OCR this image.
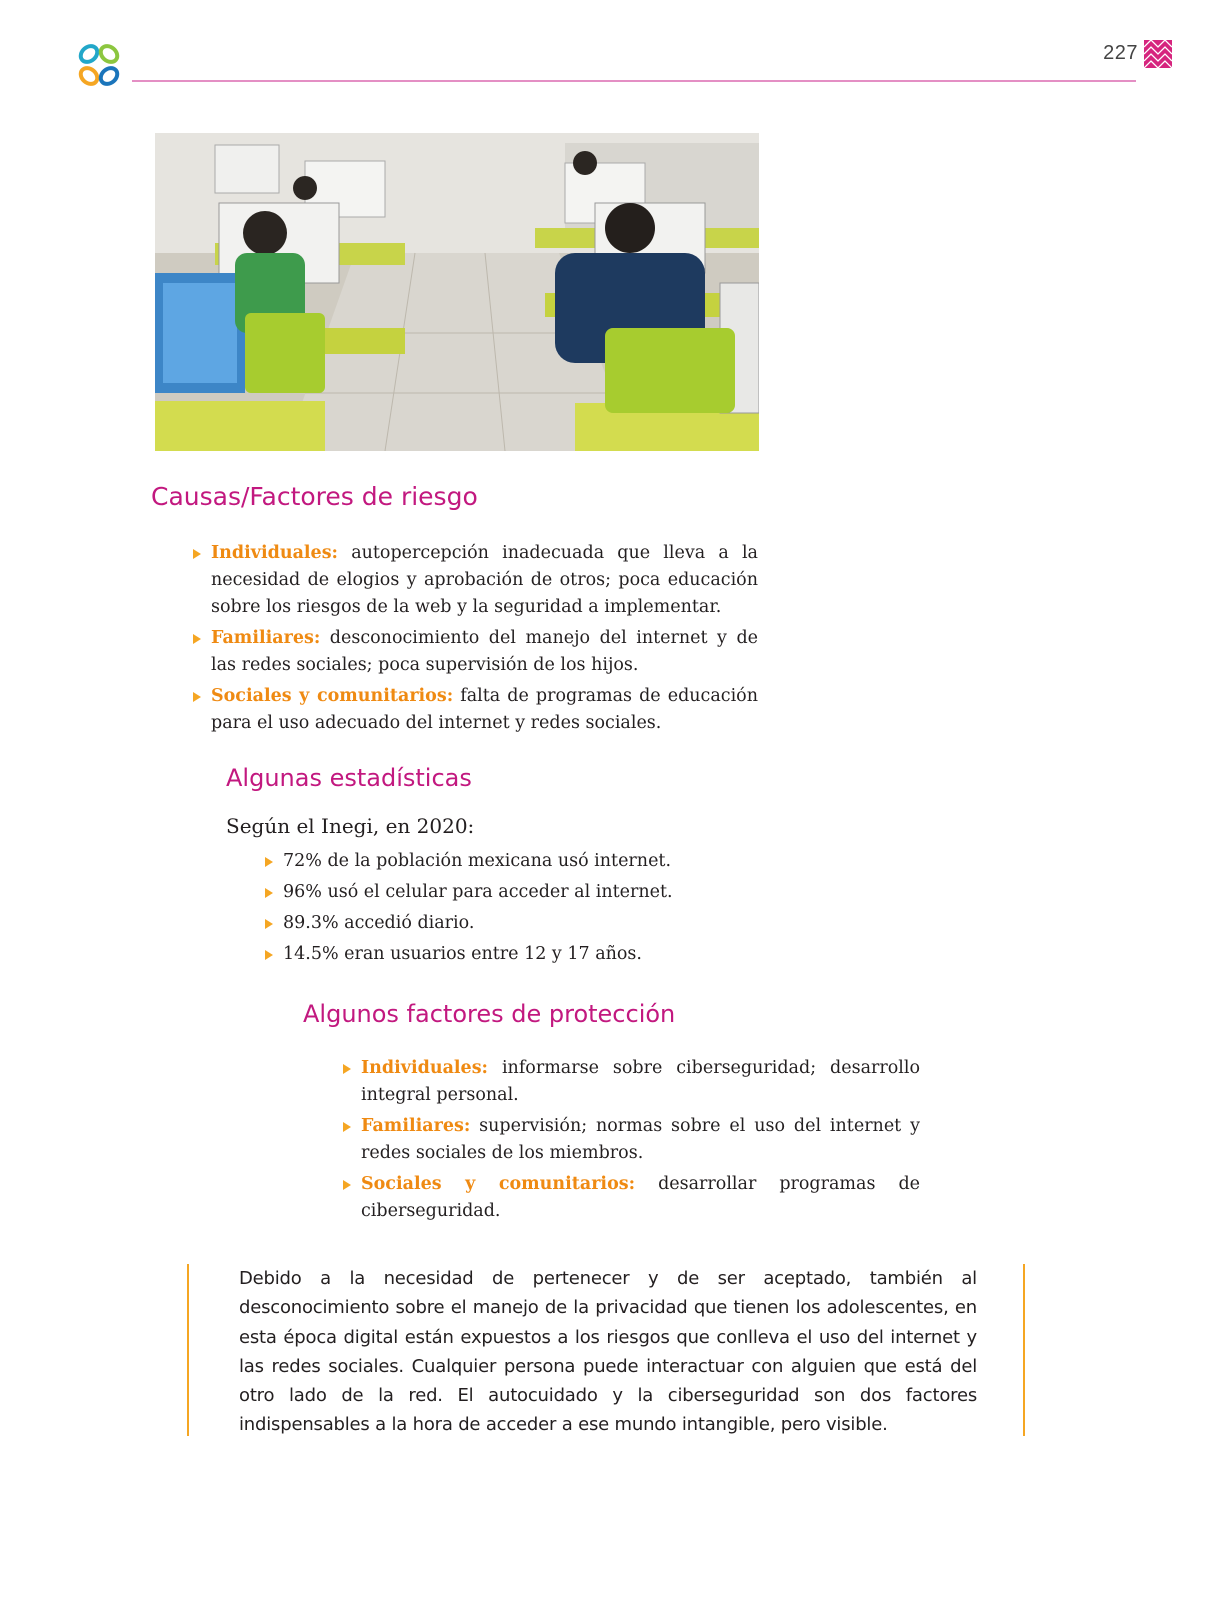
227
Causas/Factores de riesgo
Individuales: autopercepción inadecuada que lleva a la necesidad de elogios y aprobación de otros; poca educación sobre los riesgos de la web y la seguridad a implementar.
Familiares: desconocimiento del manejo del internet y de las redes sociales; poca supervisión de los hijos.
Sociales y comunitarios: falta de programas de educación para el uso adecuado del internet y redes sociales.
Algunas estadísticas

Según el Inegi, en 2020:

72% de la población mexicana usó internet.
96% usó el celular para acceder al internet.
89.3% accedió diario.
14.5% eran usuarios entre 12 y 17 años.
Algunos factores de protección
Individuales: informarse sobre ciberseguridad; desarrollo integral personal.
Familiares: supervisión; normas sobre el uso del internet y redes sociales de los miembros.
Sociales y comunitarios: desarrollar programas de ciberseguridad.

Debido a la necesidad de pertenecer y de ser aceptado, también al desconocimiento sobre el manejo de la privacidad que tienen los adolescentes, en esta época digital están expuestos a los riesgos que conlleva el uso del internet y las redes sociales. Cualquier persona puede interactuar con alguien que está del otro lado de la red. El autocuidado y la ciberseguridad son dos factores indispensables a la hora de acceder a ese mundo intangible, pero visible.
